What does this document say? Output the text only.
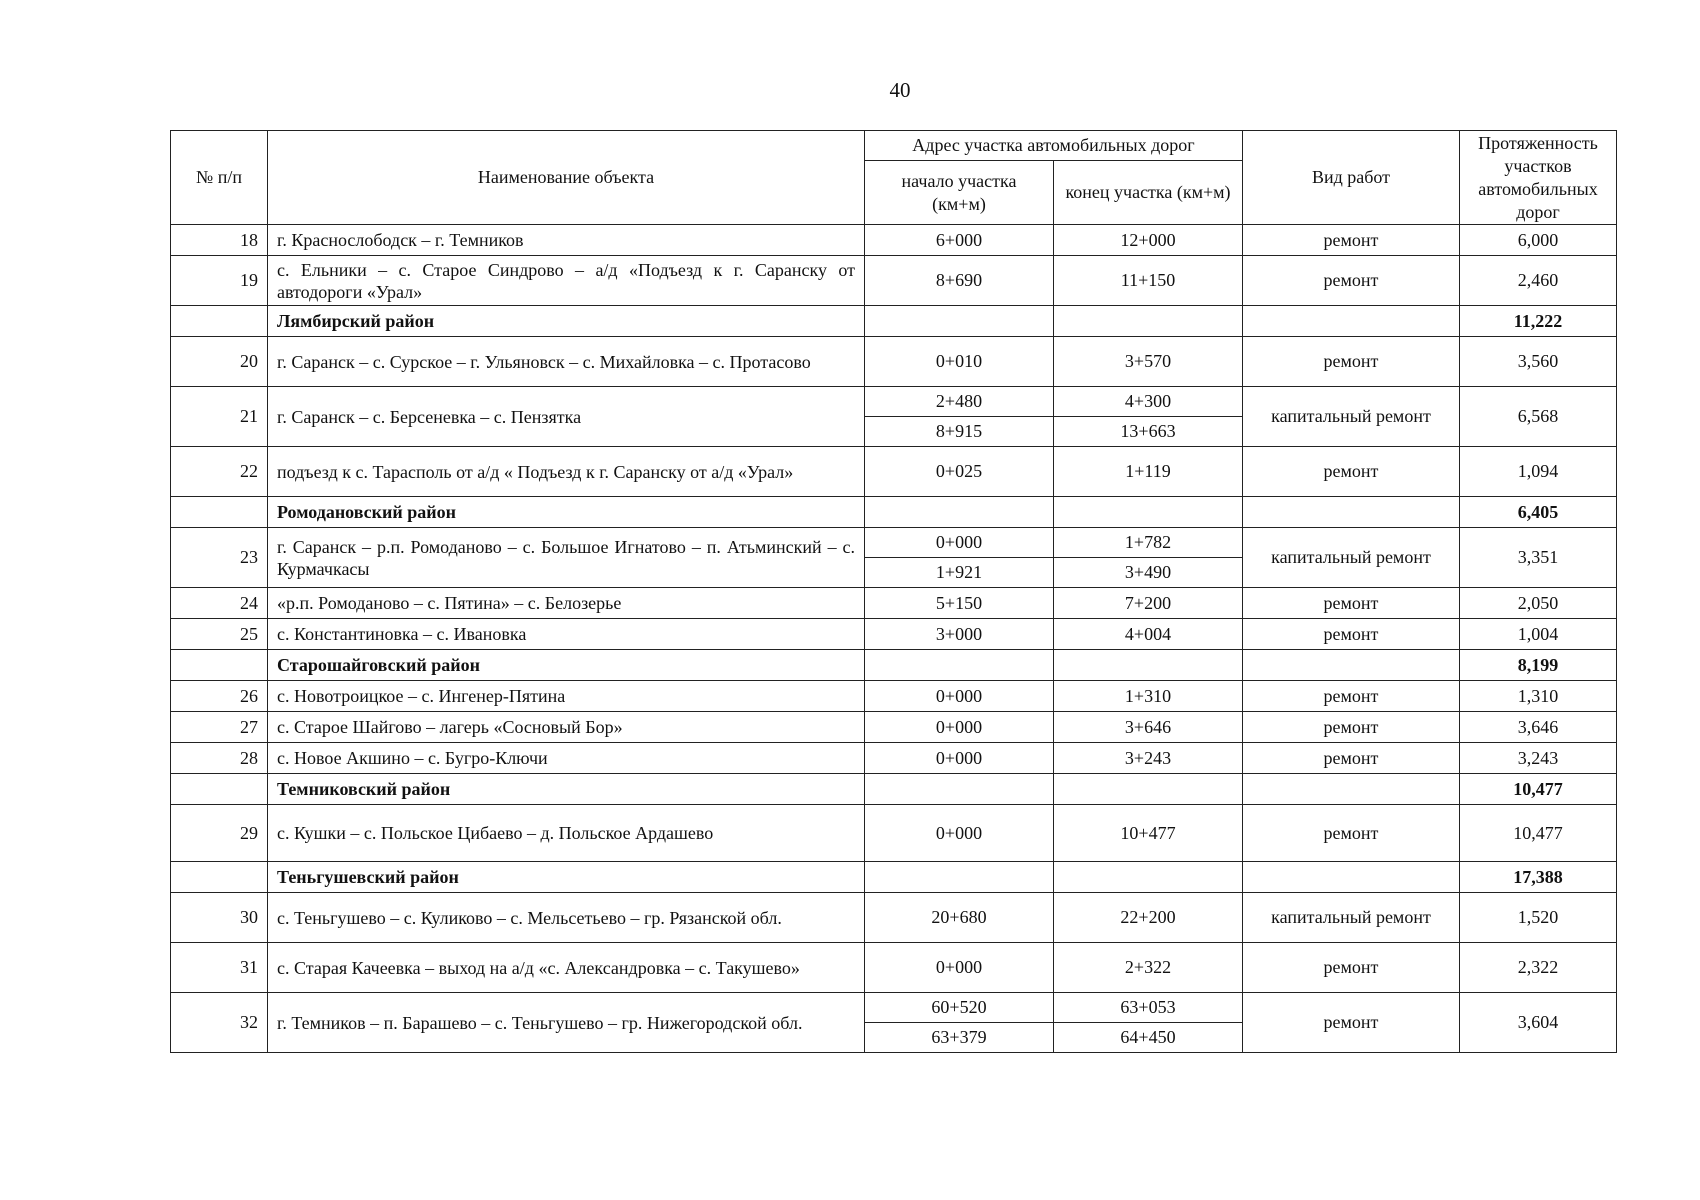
40
№ п/п	Наименование объекта	Адрес участка автомобильных дорог		Вид работ	Протяженность участков автомобильных дорог
		начало участка (км+м)	конец участка (км+м)		
18	г. Краснослободск – г. Темников	6+000	12+000	ремонт	6,000
19	с. Ельники – с. Старое Синдрово – а/д «Подъезд к г. Саранску от автодороги «Урал»	8+690	11+150	ремонт	2,460
	Лямбирский район				11,222
20	г. Саранск – с. Сурское – г. Ульяновск – с. Михайловка – с. Протасово	0+010	3+570	ремонт	3,560
21	г. Саранск – с. Берсеневка – с. Пензятка	2+480	4+300	капитальный ремонт	6,568
		8+915	13+663		
22	подъезд к с. Тарасполь от а/д « Подъезд к г. Саранску от а/д «Урал»	0+025	1+119	ремонт	1,094
	Ромодановский район				6,405
23	г. Саранск – р.п. Ромоданово – с. Большое Игнатово – п. Атьминский – с. Курмачкасы	0+000	1+782	капитальный ремонт	3,351
		1+921	3+490		
24	«р.п. Ромоданово – с. Пятина» – с. Белозерье	5+150	7+200	ремонт	2,050
25	с. Константиновка – с. Ивановка	3+000	4+004	ремонт	1,004
	Старошайговский район				8,199
26	с. Новотроицкое – с. Ингенер-Пятина	0+000	1+310	ремонт	1,310
27	с. Старое Шайгово – лагерь «Сосновый Бор»	0+000	3+646	ремонт	3,646
28	с. Новое Акшино – с. Бугро-Ключи	0+000	3+243	ремонт	3,243
	Темниковский район				10,477
29	с. Кушки – с. Польское Цибаево – д. Польское Ардашево	0+000	10+477	ремонт	10,477
	Теньгушевский район				17,388
30	с. Теньгушево – с. Куликово – с. Мельсетьево – гр. Рязанской обл.	20+680	22+200	капитальный ремонт	1,520
31	с. Старая Качеевка – выход на а/д «с. Александровка – с. Такушево»	0+000	2+322	ремонт	2,322
32	г. Темников – п. Барашево – с. Теньгушево – гр. Нижегородской обл.	60+520	63+053	ремонт	3,604
		63+379	64+450		
